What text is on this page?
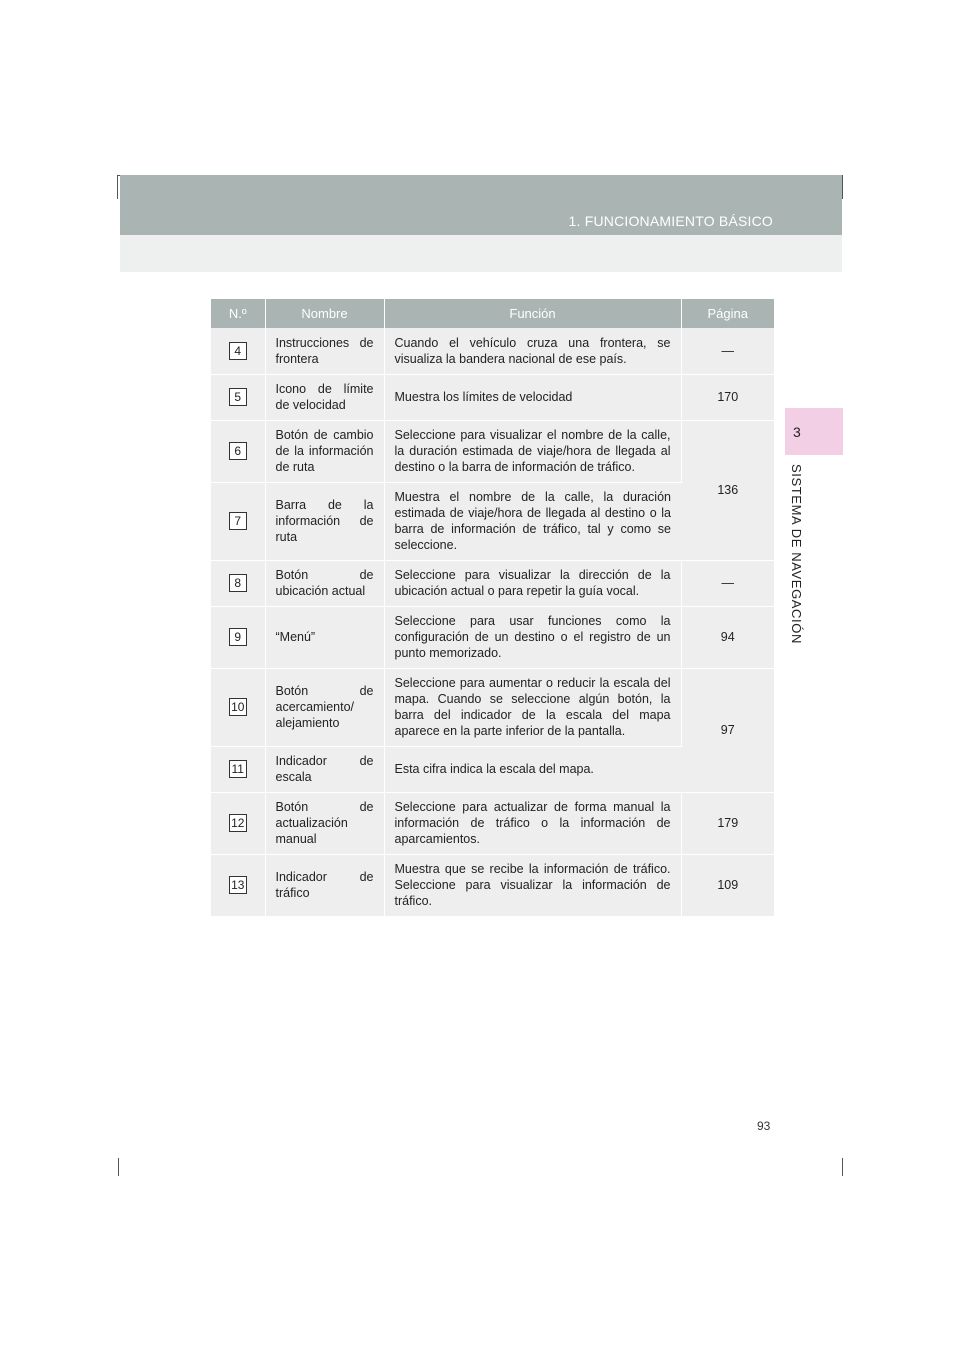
1. FUNCIONAMIENTO BÁSICO
3
SISTEMA DE NAVEGACIÓN
N.º	Nombre	Función	Página
4	Instrucciones de frontera	Cuando el vehículo cruza una frontera, se visualiza la bandera nacional de ese país.	—
5	Icono de límite de velocidad	Muestra los límites de velocidad	170
6	Botón de cambio de la información de ruta	Seleccione para visualizar el nombre de la calle, la duración estimada de viaje/hora de llegada al destino o la barra de información de tráfico.	136
7	Barra de la información de ruta	Muestra el nombre de la calle, la duración estimada de viaje/hora de llegada al destino o la barra de información de tráfico, tal y como se seleccione.	
8	Botón de ubicación actual	Seleccione para visualizar la dirección de la ubicación actual o para repetir la guía vocal.	—
9	“Menú”	Seleccione para usar funciones como la configuración de un destino o el registro de un punto memorizado.	94
10	Botón de acercamiento/ alejamiento	Seleccione para aumentar o reducir la escala del mapa. Cuando se seleccione algún botón, la barra del indicador de la escala del mapa aparece en la parte inferior de la pantalla.	97
11	Indicador de escala	Esta cifra indica la escala del mapa.	
12	Botón de actualización manual	Seleccione para actualizar de forma manual la información de tráfico o la información de aparcamientos.	179
13	Indicador de tráfico	Muestra que se recibe la información de tráfico. Seleccione para visualizar la información de tráfico.	109
93
